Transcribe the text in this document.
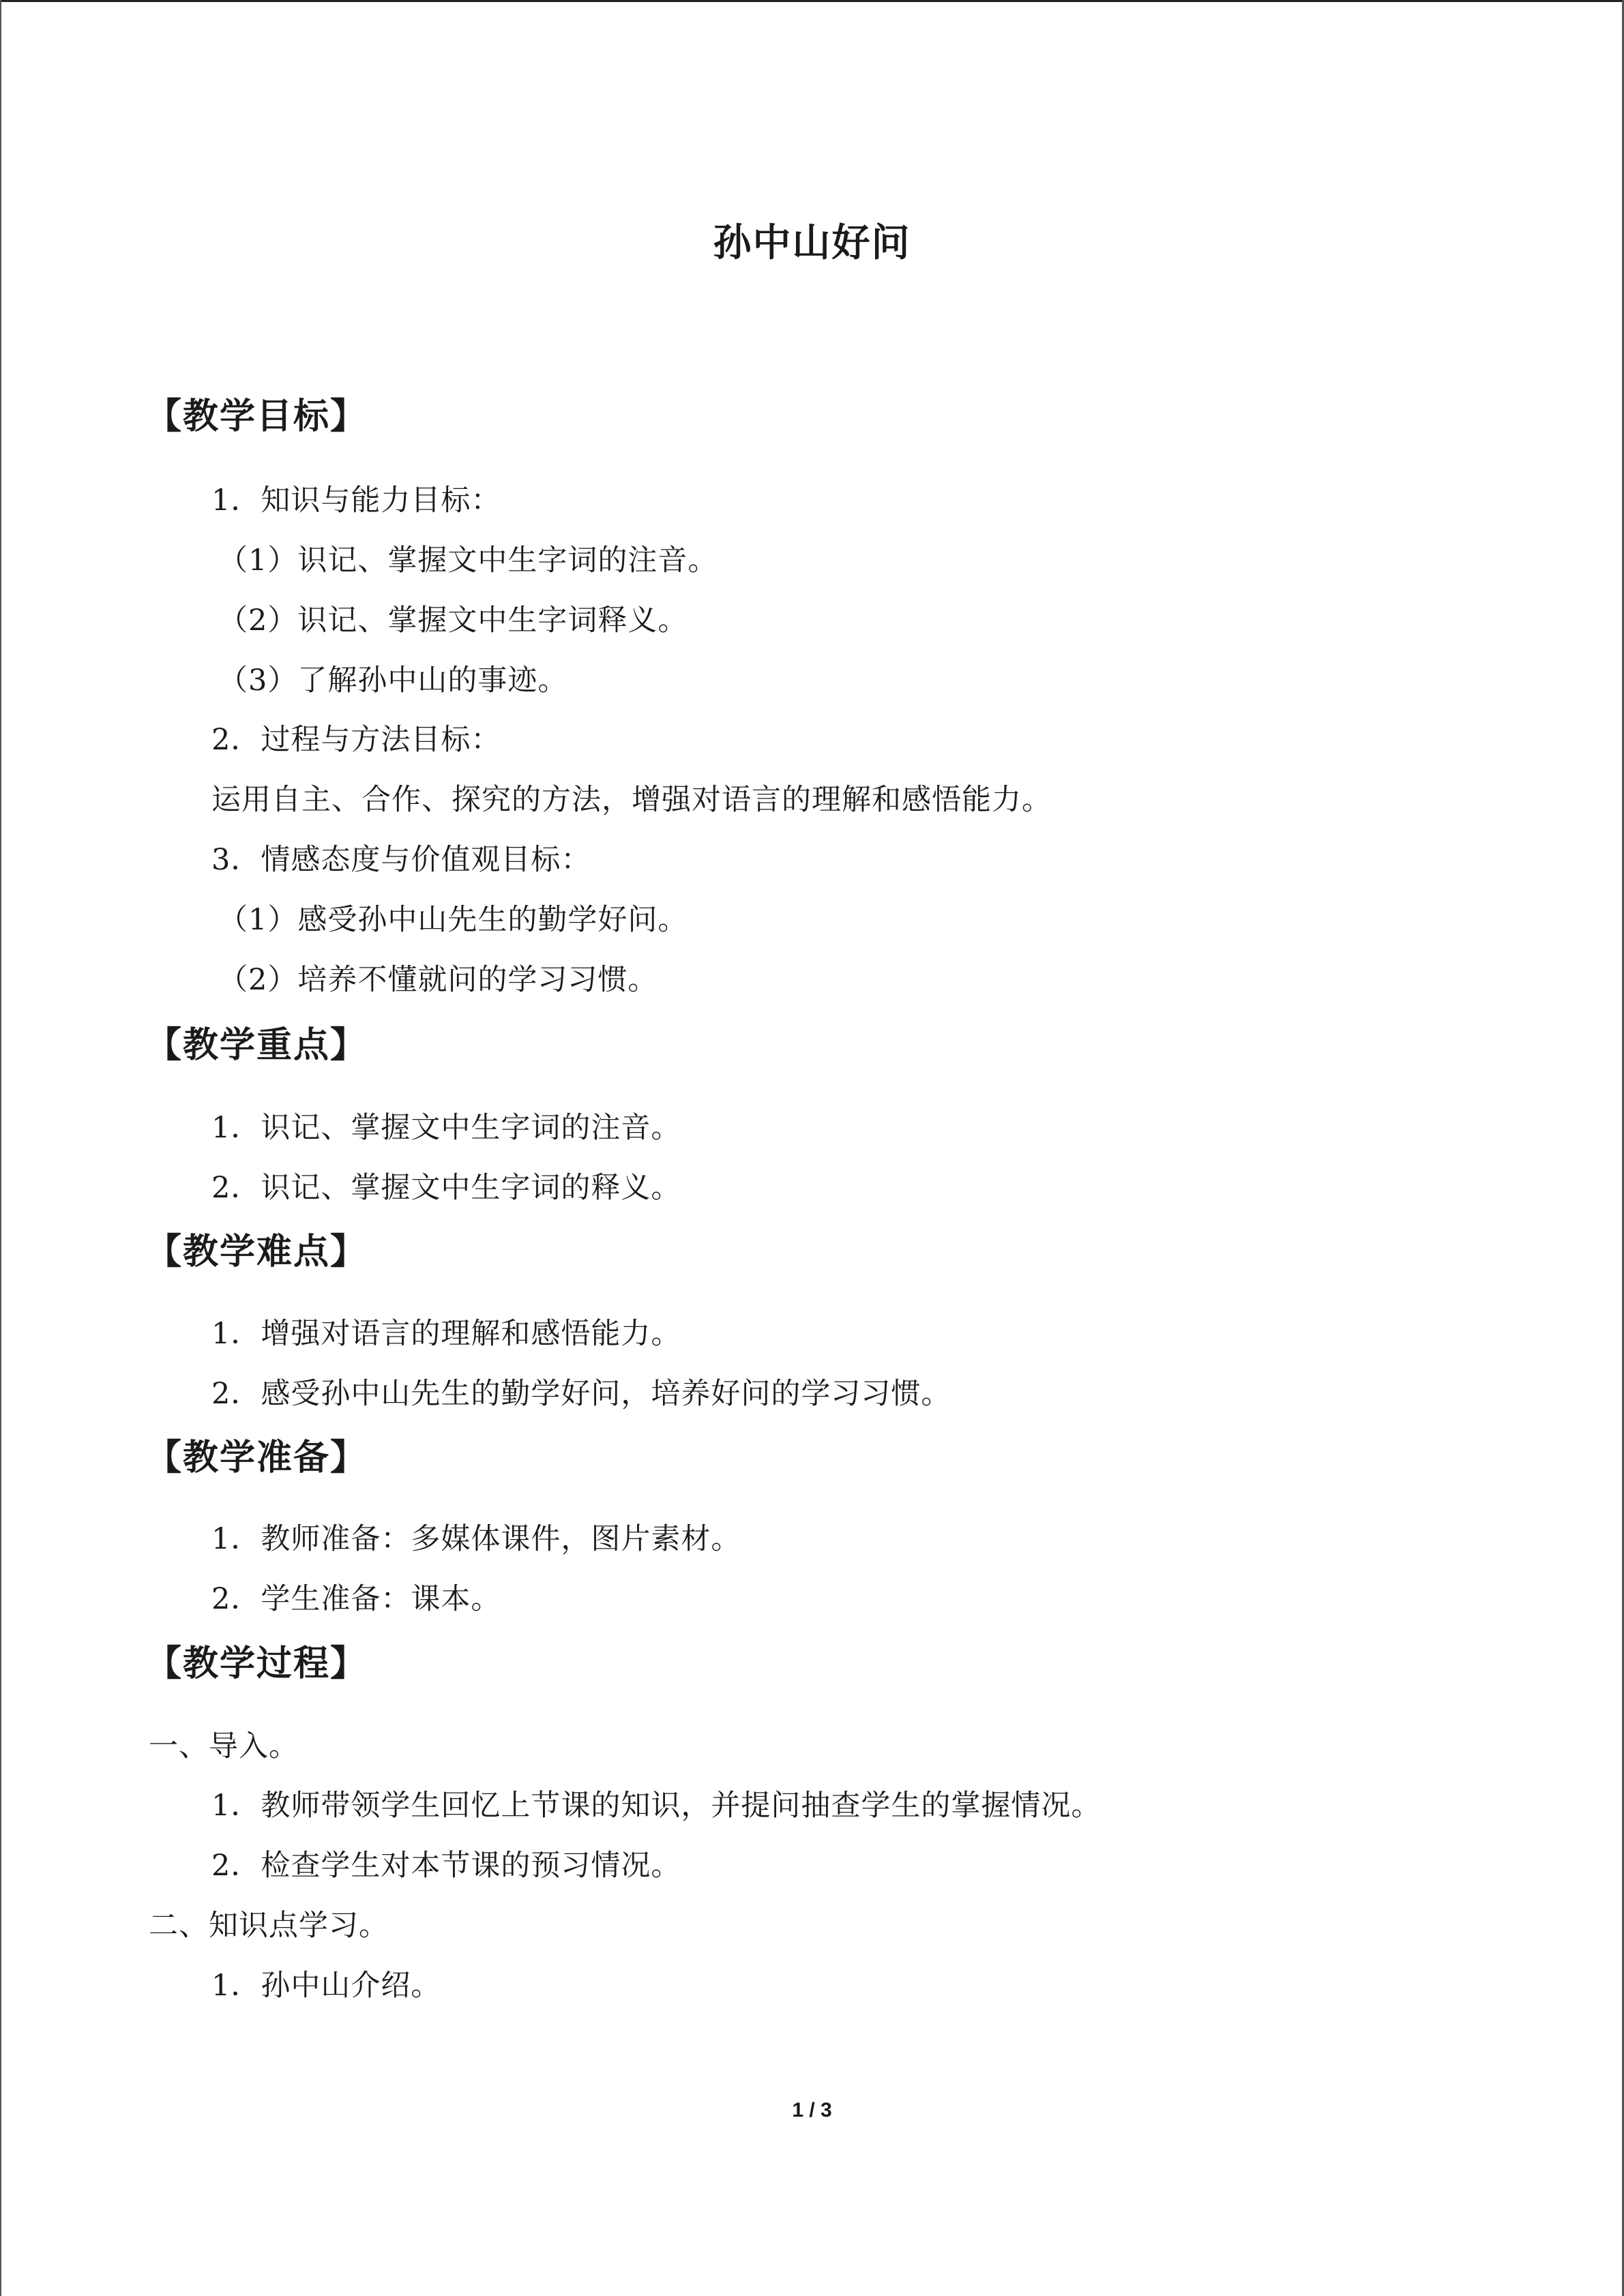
孙中山好问
【教学目标】
1．知识与能力目标：
（1）识记、掌握文中生字词的注音。
（2）识记、掌握文中生字词释义。
（3）了解孙中山的事迹。
2．过程与方法目标：
运用自主、合作、探究的方法，增强对语言的理解和感悟能力。
3．情感态度与价值观目标：
（1）感受孙中山先生的勤学好问。
（2）培养不懂就问的学习习惯。
【教学重点】
1．识记、掌握文中生字词的注音。
2．识记、掌握文中生字词的释义。
【教学难点】
1．增强对语言的理解和感悟能力。
2．感受孙中山先生的勤学好问，培养好问的学习习惯。
【教学准备】
1．教师准备：多媒体课件，图片素材。
2．学生准备：课本。
【教学过程】
一、导入。
1．教师带领学生回忆上节课的知识，并提问抽查学生的掌握情况。
2．检查学生对本节课的预习情况。
二、知识点学习。
1．孙中山介绍。
1 / 3
